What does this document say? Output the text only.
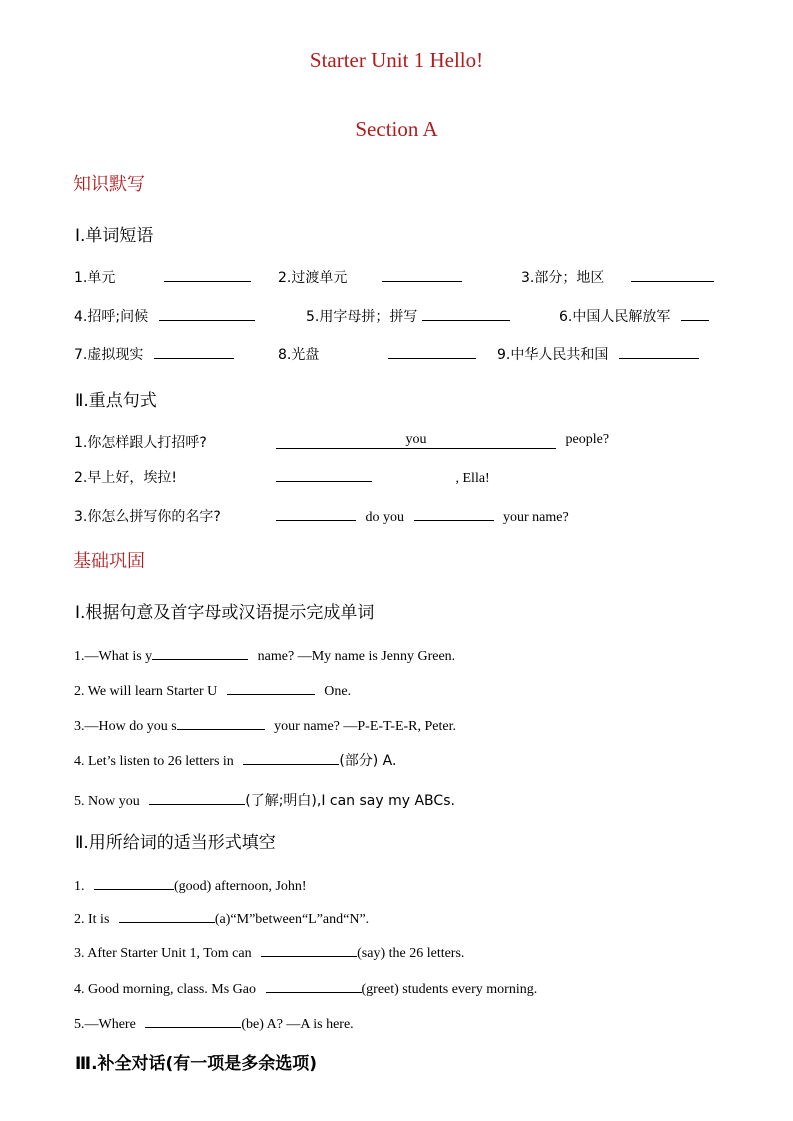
Starter Unit 1 Hello!
Section A
知识默写
Ⅰ.单词短语
1.单元	2.过渡单元	3.部分；地区
4.招呼;问候	5.用字母拼；拼写	6.中国人民解放军
7.虚拟现实	8.光盘	9.中华人民共和国
Ⅱ.重点句式
1.你怎样跟人打招呼?	you	people?
2.早上好，埃拉!	, Ella!
3.你怎么拼写你的名字?	do you	your name?
基础巩固
Ⅰ.根据句意及首字母或汉语提示完成单词
1.—What is y	name? —My name is Jenny Green.
2. We will learn Starter U	One.
3.—How do you s	your name? —P-E-T-E-R, Peter.
4. Let’s listen to 26 letters in	(部分) A.
5. Now you	(了解;明白),I can say my ABCs.
Ⅱ.用所给词的适当形式填空
1.	(good) afternoon, John!
2. It is	(a)“M”between“L”and“N”.
3. After Starter Unit 1, Tom can	(say) the 26 letters.
4. Good morning, class. Ms Gao	(greet) students every morning.
5.—Where	(be) A? —A is here.
Ⅲ.补全对话(有一项是多余选项)
